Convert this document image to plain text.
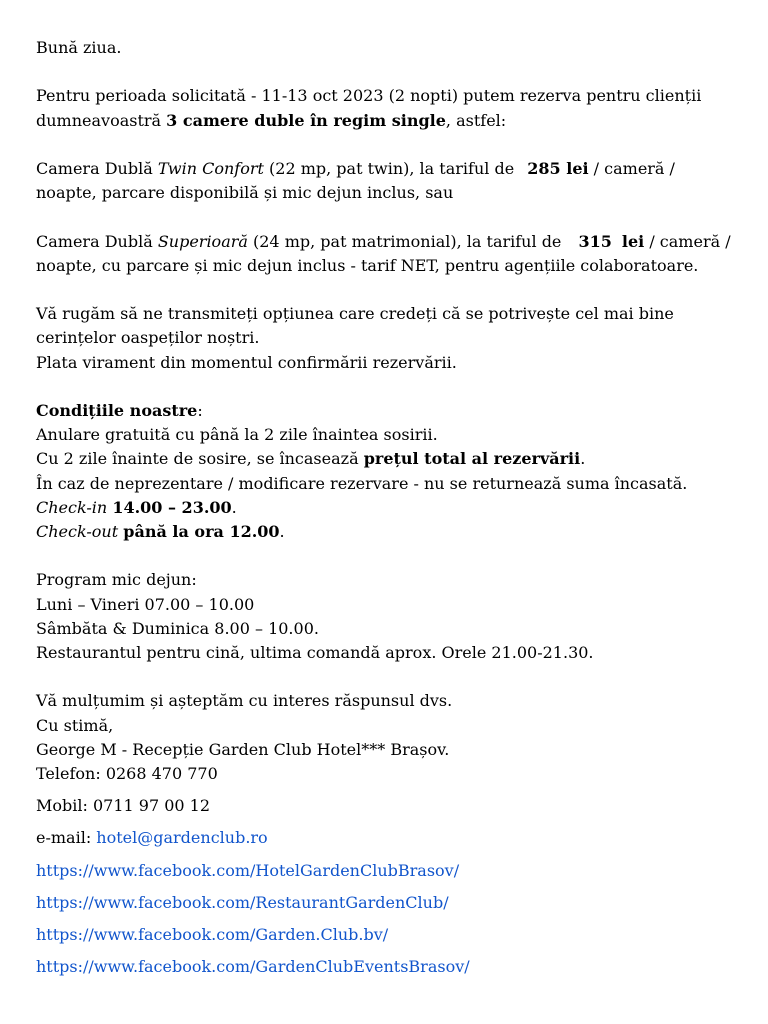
Bună ziua.

Pentru perioada solicitată - 11-13 oct 2023 (2 nopti) putem rezerva pentru clienții dumneavoastră 3 camere duble în regim single, astfel:

Camera Dublă Twin Confort (22 mp, pat twin), la tariful de 285 lei / cameră / noapte, parcare disponibilă și mic dejun inclus, sau

Camera Dublă Superioară (24 mp, pat matrimonial), la tariful de 315 lei / cameră / noapte, cu parcare și mic dejun inclus - tarif NET, pentru agențiile colaboratoare.

Vă rugăm să ne transmiteți opțiunea care credeți că se potrivește cel mai bine cerințelor oaspeților noștri.

Plata virament din momentul confirmării rezervării.

Condițiile noastre:

Anulare gratuită cu până la 2 zile înaintea sosirii.

Cu 2 zile înainte de sosire, se încasează prețul total al rezervării.

În caz de neprezentare / modificare rezervare - nu se returnează suma încasată.

Check-in 14.00 – 23.00.

Check-out până la ora 12.00.

Program mic dejun:

Luni – Vineri 07.00 – 10.00

Sâmbăta & Duminica 8.00 – 10.00.

Restaurantul pentru cină, ultima comandă aprox. Orele 21.00-21.30.

Vă mulțumim și așteptăm cu interes răspunsul dvs.

Cu stimă,

George M - Recepție Garden Club Hotel*** Brașov.

Telefon: 0268 470 770

Mobil: 0711 97 00 12

e-mail: hotel@gardenclub.ro

https://www.facebook.com/HotelGardenClubBrasov/

https://www.facebook.com/RestaurantGardenClub/

https://www.facebook.com/Garden.Club.bv/

https://www.facebook.com/GardenClubEventsBrasov/
